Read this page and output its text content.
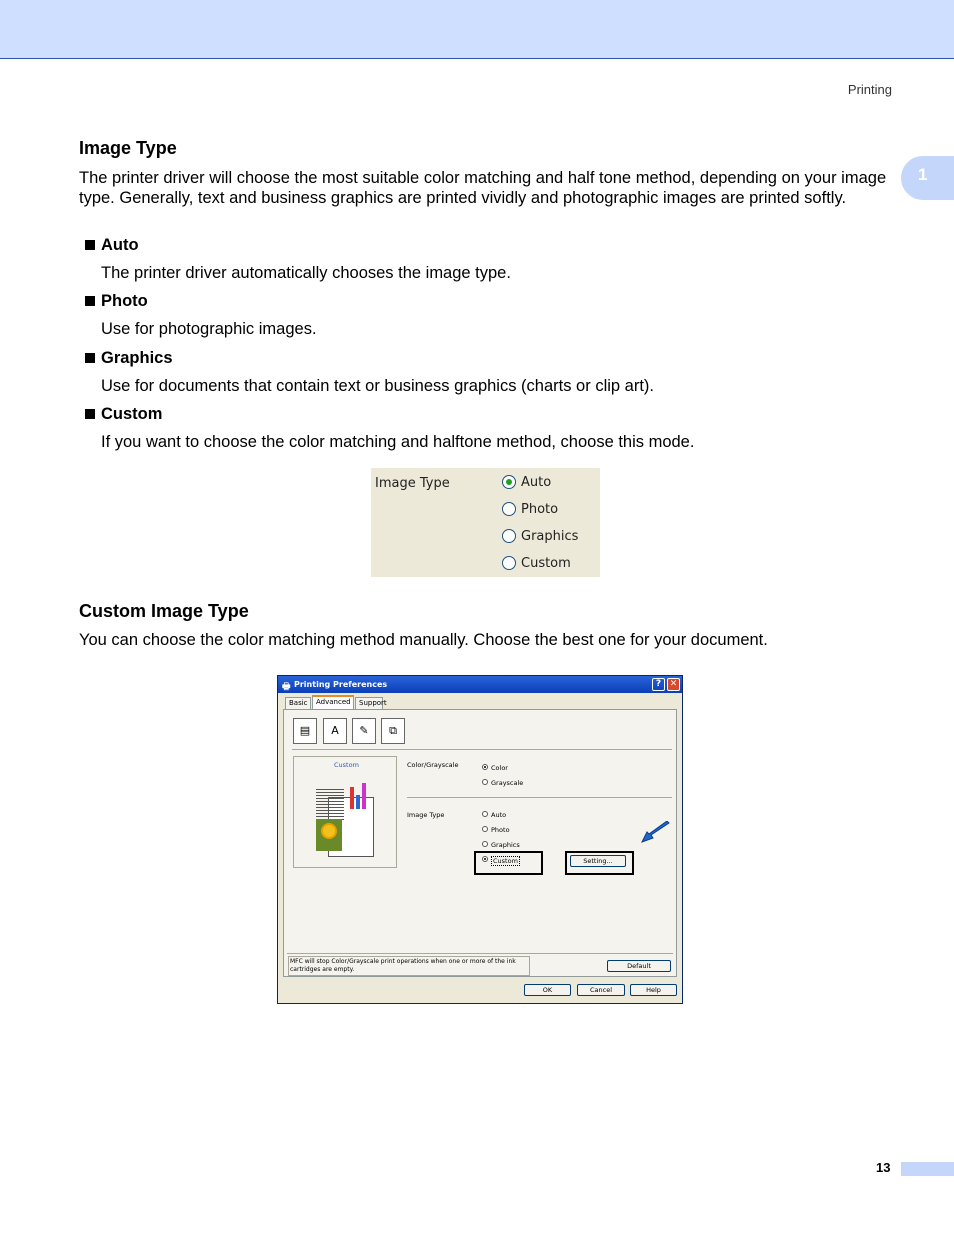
Printing
1
Image Type
The printer driver will choose the most suitable color matching and half tone method, depending on your image type. Generally, text and business graphics are printed vividly and photographic images are printed softly.
Auto
The printer driver automatically chooses the image type.
Photo
Use for photographic images.
Graphics
Use for documents that contain text or business graphics (charts or clip art).
Custom
If you want to choose the color matching and halftone method, choose this mode.
Image Type	Auto
Photo
Graphics
Custom
Custom Image Type
You can choose the color matching method manually. Choose the best one for your document.
🖶 Printing Preferences	? ✕
Basic	Advanced	Support
▤	A	✎	⧉
Custom	Color/Grayscale	Color
Grayscale
Image Type	Auto
Photo
Graphics
Custom	Setting...
MFC will stop Color/Grayscale print operations when one or more of the ink cartridges are empty.	Default
OK	Cancel	Help
13
